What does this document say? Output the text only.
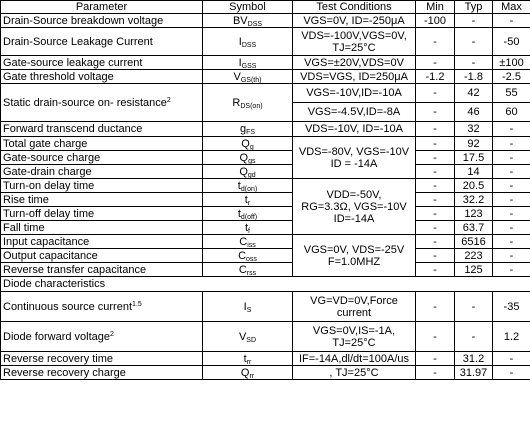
Parameter	Symbol	Test Conditions	Min	Typ	Max
Drain-Source breakdown voltage	$BV_{DSS}$	VGS=0V, ID=-250μA	-100	-	-
Drain-Source Leakage Current	$I_{DSS}$	VDS=-100V,VGS=0V,
TJ=25°C	-	-	-50
Gate-source leakage current	$I_{GSS}$	VGS=±20V,VDS=0V	-	-	±100
Gate threshold voltage	$V_{GS(th)}$	VDS=VGS, ID=250μA	-1.2	-1.8	-2.5
Static drain-source on- resistance$^2$	$R_{DS(on)}$	VGS=-10V,ID=-10A	-	42	55
		VGS=-4.5V,ID=-8A	-	46	60
Forward transcend ductance	$g_{FS}$	VDS=-10V, ID=-10A	-	32	-
Total gate charge	$Q_g$	VDS=-80V, VGS=-10V
ID = -14A	-	92	-
Gate-source charge	$Q_{gs}$		-	17.5	-
Gate-drain charge	$Q_{gd}$		-	14	-
Turn-on delay time	$t_{d(on)}$	VDD=-50V,
RG=3.3Ω, VGS=-10V
ID=-14A	-	20.5	-
Rise time	$t_r$		-	32.2	-
Turn-off delay time	$t_{d(off)}$		-	123	-
Fall time	$t_f$		-	63.7	-
Input capacitance	$C_{iss}$	VGS=0V, VDS=-25V
F=1.0MHZ	-	6516	-
Output capacitance	$C_{oss}$		-	223	-
Reverse transfer capacitance	$C_{rss}$		-	125	-
Diode characteristics					
Continuous source current$^{1.5}$	$I_S$	VG=VD=0V,Force
current	-	-	-35
Diode forward voltage$^2$	$V_{SD}$	VGS=0V,IS=-1A,
TJ=25°C	-	-	1.2
Reverse recovery time	$t_{rr}$	IF=-14A,dl/dt=100A/us	-	31.2	-
Reverse recovery charge	$Q_{rr}$	, TJ=25°C	-	31.97	-
